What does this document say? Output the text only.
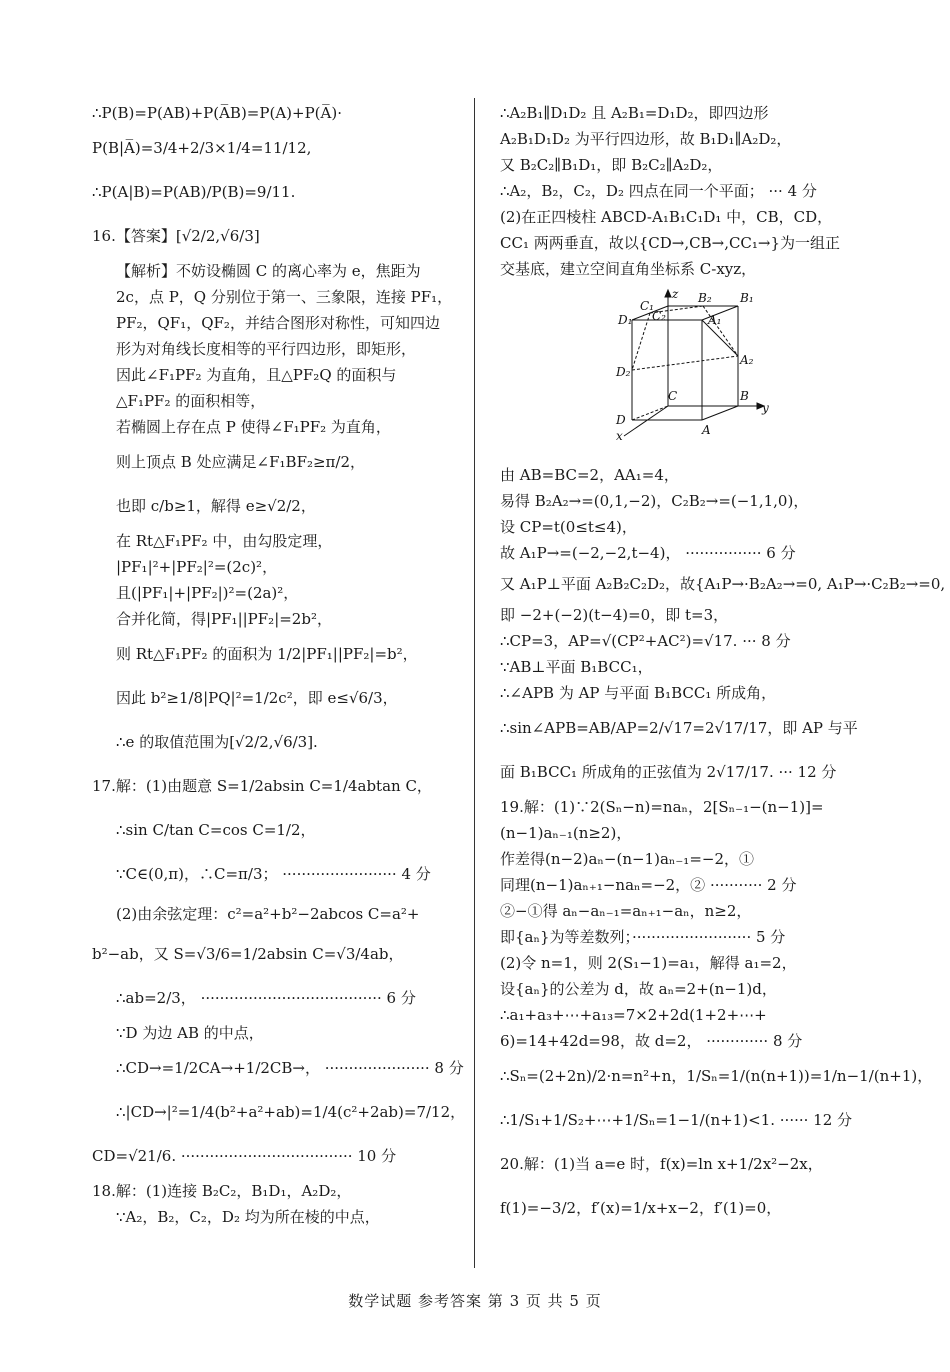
∴P(B)=P(AB)+P(A̅B)=P(A)+P(A̅)·
P(B|A̅)=3/4+2/3×1/4=11/12,
∴P(A|B)=P(AB)/P(B)=9/11.
16.【答案】[√2/2,√6/3]
【解析】不妨设椭圆 C 的离心率为 e，焦距为
2c，点 P，Q 分别位于第一、三象限，连接 PF₁，
PF₂，QF₁，QF₂，并结合图形对称性，可知四边
形为对角线长度相等的平行四边形，即矩形，
因此∠F₁PF₂ 为直角，且△PF₂Q 的面积与
△F₁PF₂ 的面积相等，
若椭圆上存在点 P 使得∠F₁PF₂ 为直角，
则上顶点 B 处应满足∠F₁BF₂≥π/2，
也即 c/b≥1，解得 e≥√2/2，
在 Rt△F₁PF₂ 中，由勾股定理，
|PF₁|²+|PF₂|²=(2c)²，
且(|PF₁|+|PF₂|)²=(2a)²，
合并化简，得|PF₁||PF₂|=2b²，
则 Rt△F₁PF₂ 的面积为 1/2|PF₁||PF₂|=b²，
因此 b²≥1/8|PQ|²=1/2c²，即 e≤√6/3，
∴e 的取值范围为[√2/2,√6/3].
17.解：(1)由题意 S=1/2absin C=1/4abtan C，
∴sin C/tan C=cos C=1/2，
∵C∈(0,π)，∴C=π/3； ························ 4 分
(2)由余弦定理：c²=a²+b²−2abcos C=a²+
b²−ab，又 S=√3/6=1/2absin C=√3/4ab，
∴ab=2/3， ······································ 6 分
∵D 为边 AB 的中点，
∴CD→=1/2CA→+1/2CB→， ······················ 8 分
∴|CD→|²=1/4(b²+a²+ab)=1/4(c²+2ab)=7/12，
CD=√21/6. ···································· 10 分
18.解：(1)连接 B₂C₂，B₁D₁，A₂D₂，
∵A₂，B₂，C₂，D₂ 均为所在棱的中点，
∴A₂B₁∥D₁D₂ 且 A₂B₁=D₁D₂，即四边形
A₂B₁D₁D₂ 为平行四边形，故 B₁D₁∥A₂D₂，
又 B₂C₂∥B₁D₁，即 B₂C₂∥A₂D₂，
∴A₂，B₂，C₂，D₂ 四点在同一个平面； ··· 4 分
(2)在正四棱柱 ABCD-A₁B₁C₁D₁ 中，CB，CD，
CC₁ 两两垂直，故以{CD→,CB→,CC₁→}为一组正
交基底，建立空间直角坐标系 C-xyz，
z
C₁
B₂ B₁
D₁ C₂	A₁
D₂
A₂
C	B
y
D
x	A
由 AB=BC=2，AA₁=4，
易得 B₂A₂→=(0,1,−2)，C₂B₂→=(−1,1,0)，
设 CP=t(0≤t≤4)，
故 A₁P→=(−2,−2,t−4)， ················ 6 分
又 A₁P⊥平面 A₂B₂C₂D₂，故{A₁P→·B₂A₂→=0, A₁P→·C₂B₂→=0,
即 −2+(−2)(t−4)=0，即 t=3，
∴CP=3，AP=√(CP²+AC²)=√17. ··· 8 分
∵AB⊥平面 B₁BCC₁，
∴∠APB 为 AP 与平面 B₁BCC₁ 所成角，
∴sin∠APB=AB/AP=2/√17=2√17/17，即 AP 与平
面 B₁BCC₁ 所成角的正弦值为 2√17/17. ··· 12 分
19.解：(1)∵2(Sₙ−n)=naₙ，2[Sₙ₋₁−(n−1)]=
(n−1)aₙ₋₁(n≥2)，
作差得(n−2)aₙ−(n−1)aₙ₋₁=−2，①
同理(n−1)aₙ₊₁−naₙ=−2，② ··········· 2 分
②−①得 aₙ−aₙ₋₁=aₙ₊₁−aₙ，n≥2，
即{aₙ}为等差数列；························· 5 分
(2)令 n=1，则 2(S₁−1)=a₁，解得 a₁=2，
设{aₙ}的公差为 d，故 aₙ=2+(n−1)d，
∴a₁+a₃+⋯+a₁₃=7×2+2d(1+2+⋯+
6)=14+42d=98，故 d=2， ············· 8 分
∴Sₙ=(2+2n)/2·n=n²+n，1/Sₙ=1/(n(n+1))=1/n−1/(n+1)，
∴1/S₁+1/S₂+⋯+1/Sₙ=1−1/(n+1)<1. ······ 12 分
20.解：(1)当 a=e 时，f(x)=ln x+1/2x²−2x，
f(1)=−3/2，f′(x)=1/x+x−2，f′(1)=0，
数学试题 参考答案 第 3 页 共 5 页
